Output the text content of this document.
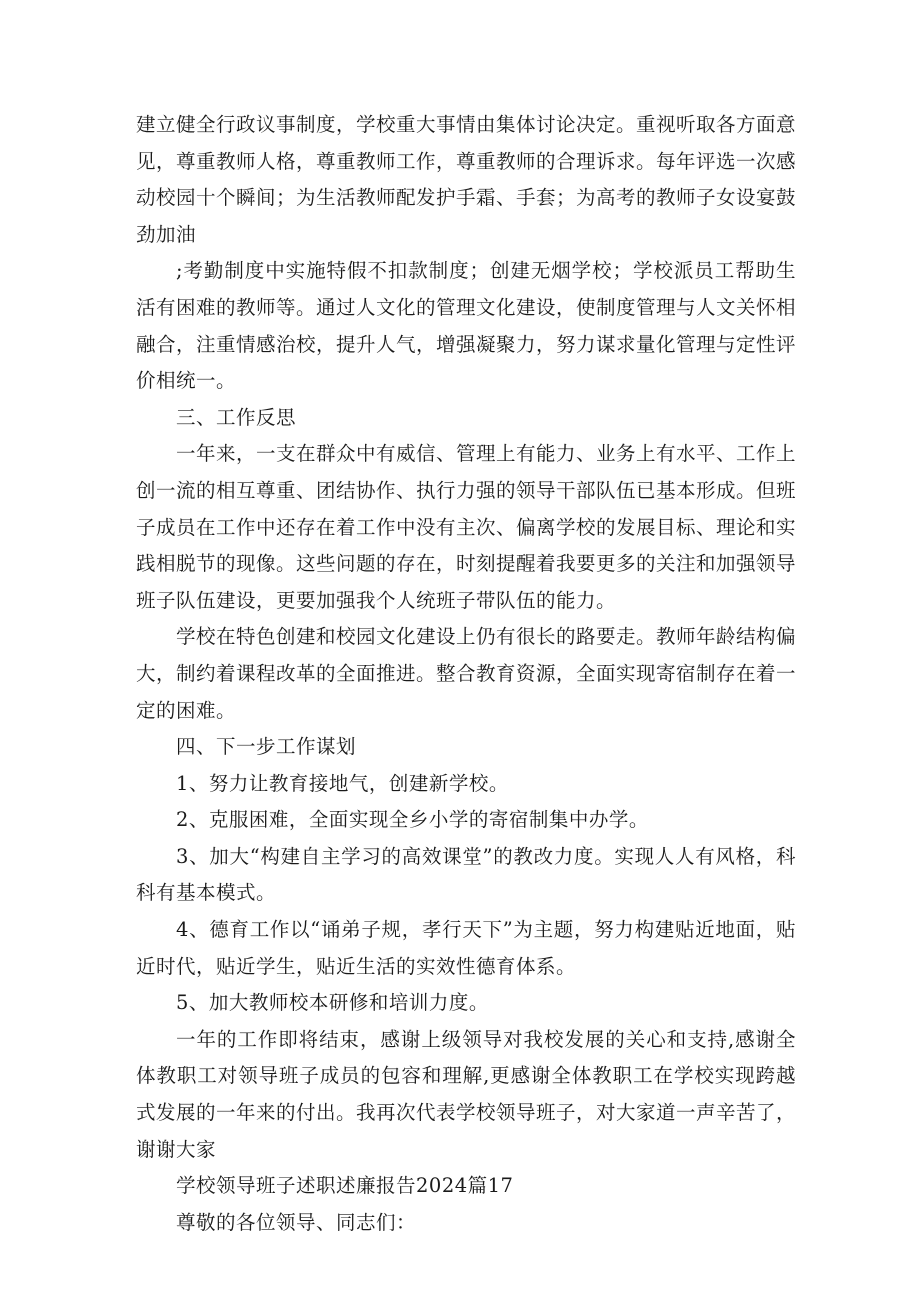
建立健全行政议事制度，学校重大事情由集体讨论决定。重视听取各方面意见，尊重教师人格，尊重教师工作，尊重教师的合理诉求。每年评选一次感动校园十个瞬间；为生活教师配发护手霜、手套；为高考的教师子女设宴鼓劲加油

;考勤制度中实施特假不扣款制度；创建无烟学校；学校派员工帮助生活有困难的教师等。通过人文化的管理文化建设，使制度管理与人文关怀相融合，注重情感治校，提升人气，增强凝聚力，努力谋求量化管理与定性评价相统一。

三、工作反思

一年来，一支在群众中有威信、管理上有能力、业务上有水平、工作上创一流的相互尊重、团结协作、执行力强的领导干部队伍已基本形成。但班子成员在工作中还存在着工作中没有主次、偏离学校的发展目标、理论和实践相脱节的现像。这些问题的存在，时刻提醒着我要更多的关注和加强领导班子队伍建设，更要加强我个人统班子带队伍的能力。

学校在特色创建和校园文化建设上仍有很长的路要走。教师年龄结构偏大，制约着课程改革的全面推进。整合教育资源，全面实现寄宿制存在着一定的困难。

四、下一步工作谋划

1、努力让教育接地气，创建新学校。

2、克服困难，全面实现全乡小学的寄宿制集中办学。

3、加大“构建自主学习的高效课堂”的教改力度。实现人人有风格，科科有基本模式。

4、德育工作以“诵弟子规，孝行天下”为主题，努力构建贴近地面，贴近时代，贴近学生，贴近生活的实效性德育体系。

5、加大教师校本研修和培训力度。

一年的工作即将结束，感谢上级领导对我校发展的关心和支持,感谢全体教职工对领导班子成员的包容和理解,更感谢全体教职工在学校实现跨越式发展的一年来的付出。我再次代表学校领导班子，对大家道一声辛苦了，谢谢大家

学校领导班子述职述廉报告2024篇17

尊敬的各位领导、同志们：
